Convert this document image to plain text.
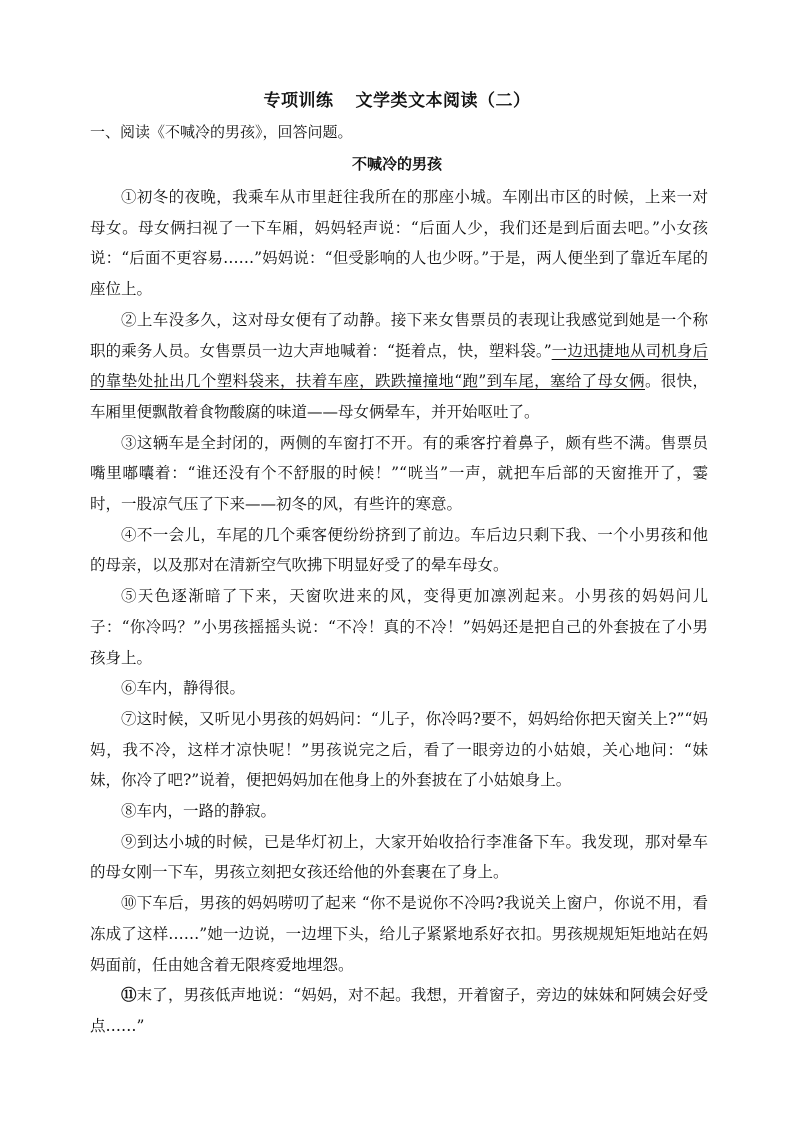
专项训练 文学类文本阅读（二）
一、阅读《不喊冷的男孩》，回答问题。
不喊冷的男孩

①初冬的夜晚，我乘车从市里赶往我所在的那座小城。车刚出市区的时候，上来一对母女。母女俩扫视了一下车厢，妈妈轻声说：“后面人少，我们还是到后面去吧。”小女孩说：“后面不更容易……”妈妈说：“但受影响的人也少呀。”于是，两人便坐到了靠近车尾的座位上。

②上车没多久，这对母女便有了动静。接下来女售票员的表现让我感觉到她是一个称职的乘务人员。女售票员一边大声地喊着：“挺着点，快，塑料袋。”一边迅捷地从司机身后的靠垫处扯出几个塑料袋来，扶着车座，跌跌撞撞地“跑”到车尾，塞给了母女俩。很快，车厢里便飘散着食物酸腐的味道——母女俩晕车，并开始呕吐了。

③这辆车是全封闭的，两侧的车窗打不开。有的乘客拧着鼻子，颇有些不满。售票员嘴里嘟囔着：“谁还没有个不舒服的时候！”“咣当”一声，就把车后部的天窗推开了，霎时，一股凉气压了下来——初冬的风，有些许的寒意。

④不一会儿，车尾的几个乘客便纷纷挤到了前边。车后边只剩下我、一个小男孩和他的母亲，以及那对在清新空气吹拂下明显好受了的晕车母女。

⑤天色逐渐暗了下来，天窗吹进来的风，变得更加凛冽起来。小男孩的妈妈问儿子：“你冷吗？”小男孩摇摇头说：“不冷！真的不冷！”妈妈还是把自己的外套披在了小男孩身上。

⑥车内，静得很。

⑦这时候，又听见小男孩的妈妈问：“儿子，你冷吗?要不，妈妈给你把天窗关上?”“妈妈，我不冷，这样才凉快呢！”男孩说完之后，看了一眼旁边的小姑娘，关心地问：“妹妹，你冷了吧?”说着，便把妈妈加在他身上的外套披在了小姑娘身上。

⑧车内，一路的静寂。

⑨到达小城的时候，已是华灯初上，大家开始收拾行李准备下车。我发现，那对晕车的母女刚一下车，男孩立刻把女孩还给他的外套裹在了身上。

⑩下车后，男孩的妈妈唠叨了起来 “你不是说你不冷吗?我说关上窗户，你说不用，看冻成了这样……”她一边说，一边埋下头，给儿子紧紧地系好衣扣。男孩规规矩矩地站在妈妈面前，任由她含着无限疼爱地埋怨。

⑪末了，男孩低声地说：“妈妈，对不起。我想，开着窗子，旁边的妹妹和阿姨会好受点……”
